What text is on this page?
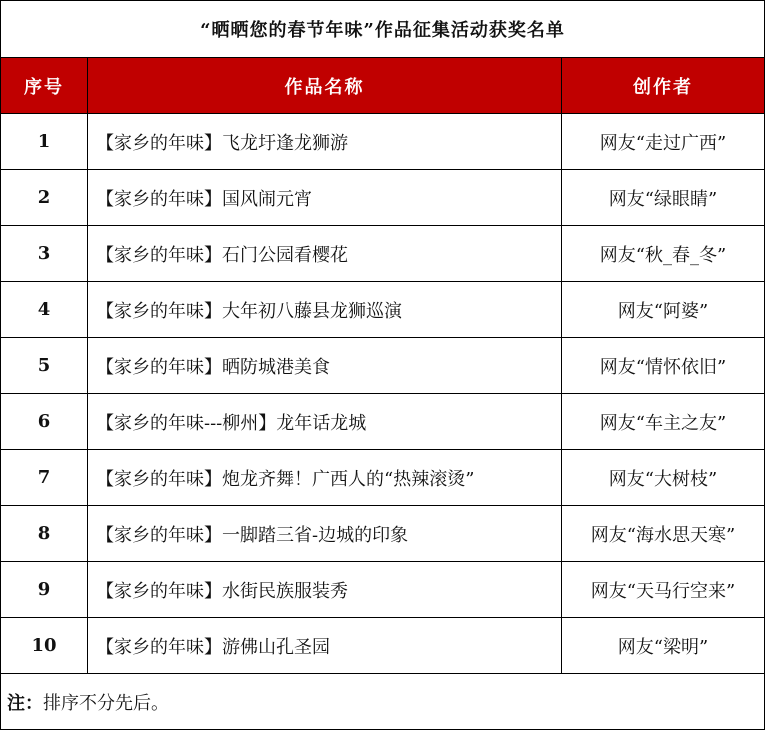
“晒晒您的春节年味”作品征集活动获奖名单		
序号	作品名称	创作者
1	【家乡的年味】飞龙圩逢龙狮游	网友“走过广西”
2	【家乡的年味】国风闹元宵	网友“绿眼睛”
3	【家乡的年味】石门公园看樱花	网友“秋_春_冬”
4	【家乡的年味】大年初八藤县龙狮巡演	网友“阿婆”
5	【家乡的年味】晒防城港美食	网友“情怀依旧”
6	【家乡的年味---柳州】龙年话龙城	网友“车主之友”
7	【家乡的年味】炮龙齐舞！广西人的“热辣滚烫”	网友“大树枝”
8	【家乡的年味】一脚踏三省-边城的印象	网友“海水思天寒”
9	【家乡的年味】水街民族服装秀	网友“天马行空来”
10	【家乡的年味】游佛山孔圣园	网友“梁明”
注：排序不分先后。		
